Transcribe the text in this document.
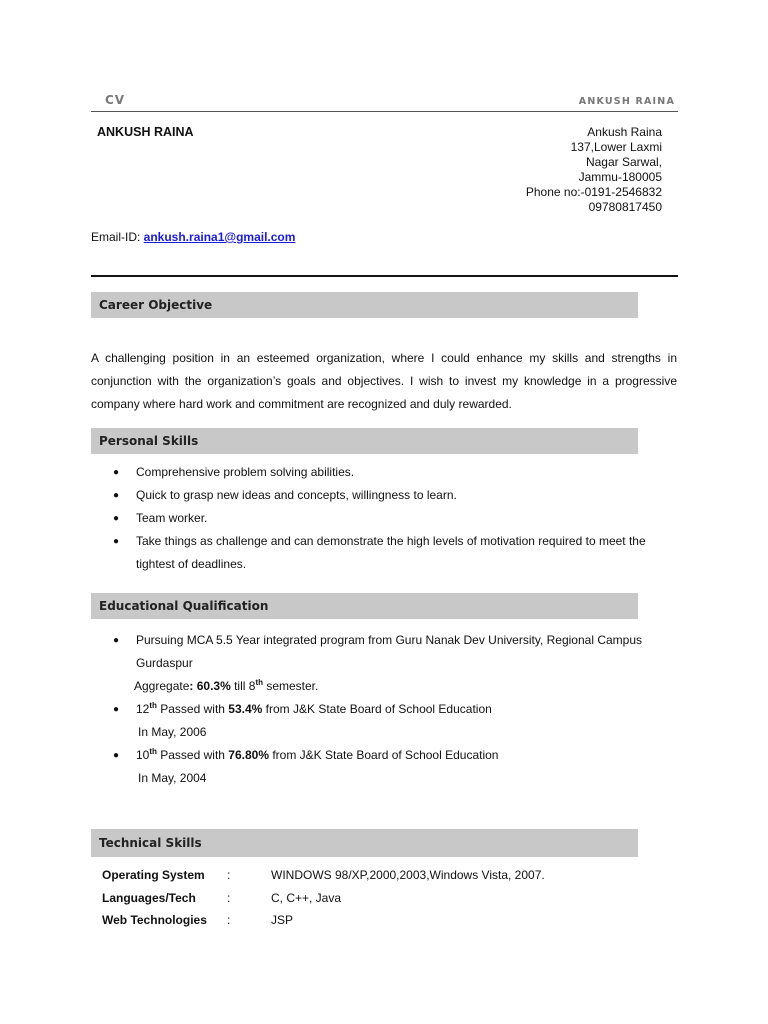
CV	ANKUSH RAINA
ANKUSH RAINA	Ankush Raina
137,Lower Laxmi
Nagar Sarwal,
Jammu-180005
Phone no:-0191-2546832
09780817450
Email-ID: ankush.raina1@gmail.com
Career Objective
A challenging position in an esteemed organization, where I could enhance my skills and strengths in conjunction with the organization’s goals and objectives. I wish to invest my knowledge in a progressive company where hard work and commitment are recognized and duly rewarded.
Personal Skills
● Comprehensive problem solving abilities.
● Quick to grasp new ideas and concepts, willingness to learn.
● Team worker.
● Take things as challenge and can demonstrate the high levels of motivation required to meet the tightest of deadlines.
Educational Qualification
● Pursuing MCA 5.5 Year integrated program from Guru Nanak Dev University, Regional Campus Gurdaspur
Aggregate: 60.3% till 8th semester.
● 12th Passed with 53.4% from J&K State Board of School Education
In May, 2006
● 10th Passed with 76.80% from J&K State Board of School Education
In May, 2004
Technical Skills
Operating System :	WINDOWS 98/XP,2000,2003,Windows Vista, 2007.
Languages/Tech	:	C, C++, Java
Web Technologies :	JSP
